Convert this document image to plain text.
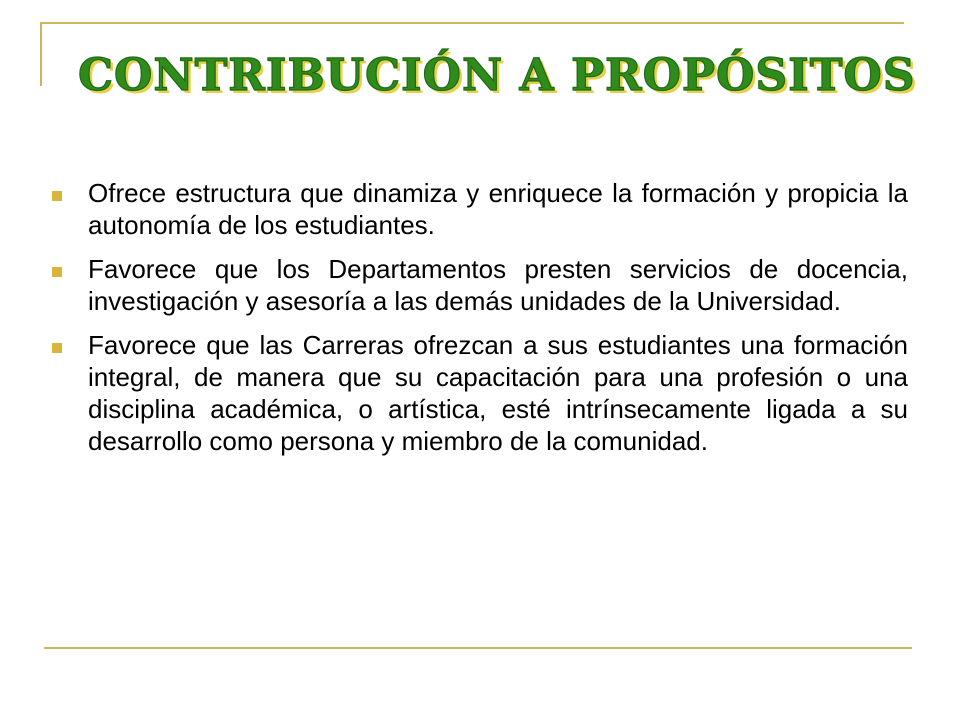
CONTRIBUCIÓN A PROPÓSITOS
Ofrece estructura que dinamiza y enriquece la formación y propicia la autonomía de los estudiantes.
Favorece que los Departamentos presten servicios de docencia, investigación y asesoría a las demás unidades de la Universidad.
Favorece que las Carreras ofrezcan a sus estudiantes una formación integral, de manera que su capacitación para una profesión o una disciplina académica, o artística, esté intrínsecamente ligada a su desarrollo como persona y miembro de la comunidad.
